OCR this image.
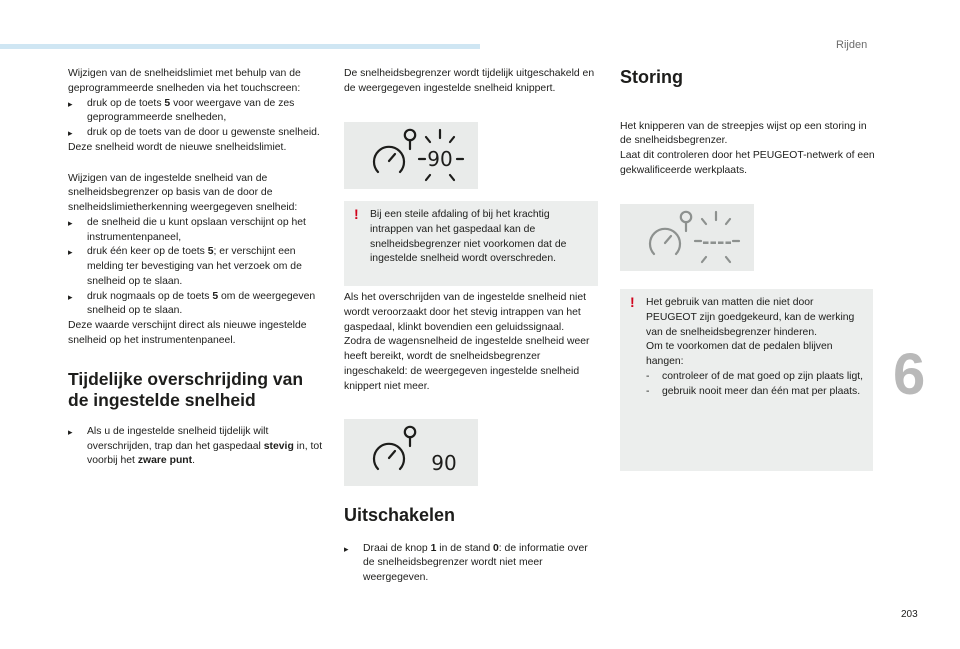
Rijden
6
203

Wijzigen van de snelheidslimiet met behulp van de geprogrammeerde snelheden via het touchscreen:

▸	druk op de toets 5 voor weergave van de zes geprogrammeerde snelheden,
▸	druk op de toets van de door u gewenste snelheid.

Deze snelheid wordt de nieuwe snelheidslimiet.

Wijzigen van de ingestelde snelheid van de snelheidsbegrenzer op basis van de door de snelheidslimietherkenning weergegeven snelheid:

▸	de snelheid die u kunt opslaan verschijnt op het instrumentenpaneel,
▸	druk één keer op de toets 5; er verschijnt een melding ter bevestiging van het verzoek om de snelheid op te slaan.
▸	druk nogmaals op de toets 5 om de weergegeven snelheid op te slaan.

Deze waarde verschijnt direct als nieuwe ingestelde snelheid op het instrumentenpaneel.

Tijdelijke overschrijding van de ingestelde snelheid
▸	Als u de ingestelde snelheid tijdelijk wilt overschrijden, trap dan het gaspedaal stevig in, tot voorbij het zware punt.

De snelheidsbegrenzer wordt tijdelijk uitgeschakeld en de weergegeven ingestelde snelheid knippert.

90
! Bij een steile afdaling of bij het krachtig intrappen van het gaspedaal kan de snelheidsbegrenzer niet voorkomen dat de ingestelde snelheid wordt overschreden.

Als het overschrijden van de ingestelde snelheid niet wordt veroorzaakt door het stevig intrappen van het gaspedaal, klinkt bovendien een geluidssignaal.

Zodra de wagensnelheid de ingestelde snelheid weer heeft bereikt, wordt de snelheidsbegrenzer ingeschakeld: de weergegeven ingestelde snelheid knippert niet meer.

90
Uitschakelen
▸	Draai de knop 1 in de stand 0: de informatie over de snelheidsbegrenzer wordt niet meer weergegeven.
Storing

Het knipperen van de streepjes wijst op een storing in de snelheidsbegrenzer.

Laat dit controleren door het PEUGEOT-netwerk of een gekwalificeerde werkplaats.

----
! Het gebruik van matten die niet door PEUGEOT zijn goedgekeurd, kan de werking van de snelheidsbegrenzer hinderen.

Om te voorkomen dat de pedalen blijven hangen:

-	controleer of de mat goed op zijn plaats ligt,
-	gebruik nooit meer dan één mat per plaats.
